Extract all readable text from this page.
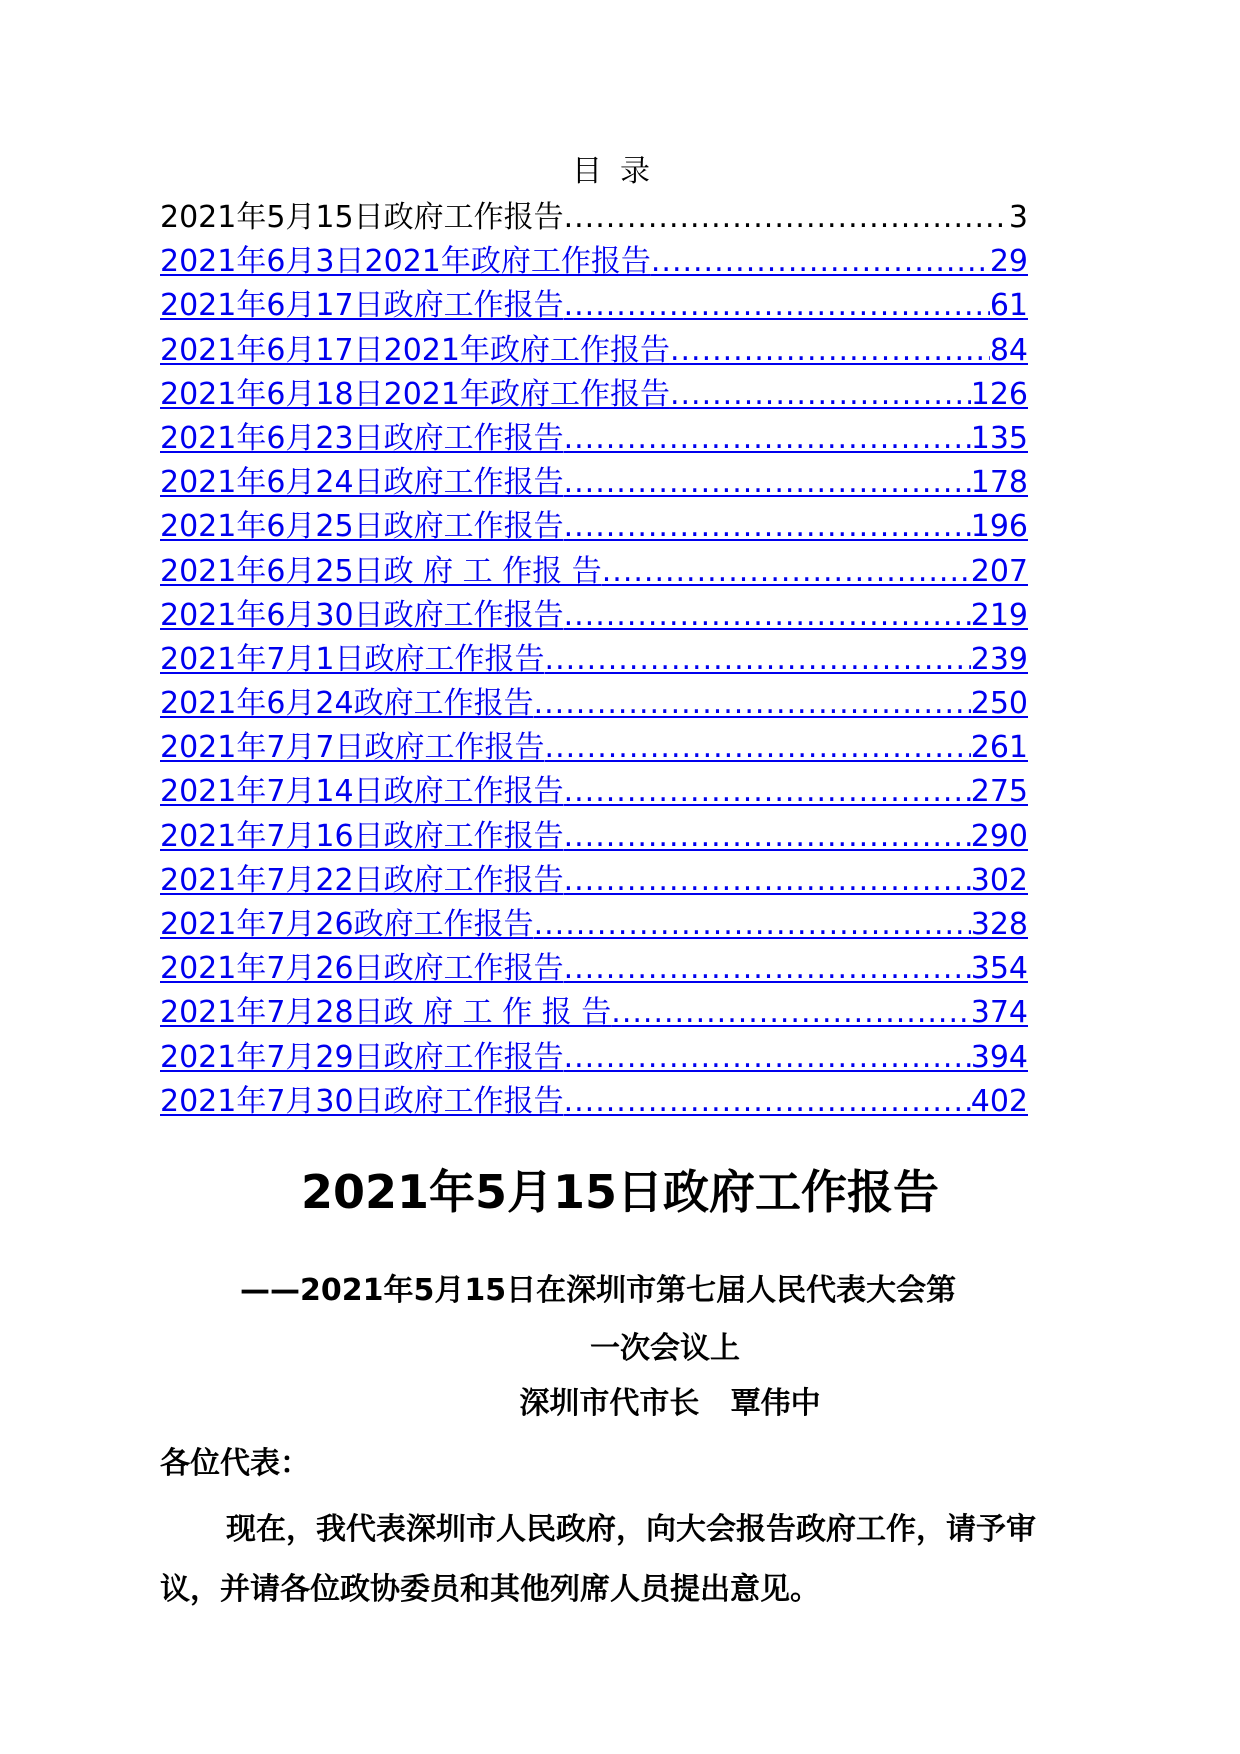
目录
2021年5月15日政府工作报告 .....	3
2021年6月3日2021年政府工作报告 .....	29
2021年6月17日政府工作报告 .....	61
2021年6月17日2021年政府工作报告 .....	84
2021年6月18日2021年政府工作报告 .....	126
2021年6月23日政府工作报告 .....	135
2021年6月24日政府工作报告 .....	178
2021年6月25日政府工作报告 .....	196
2021年6月25日政 府 工 作报 告 .....	207
2021年6月30日政府工作报告 .....	219
2021年7月1日政府工作报告 .....	239
2021年6月24政府工作报告 .....	250
2021年7月7日政府工作报告 .....	261
2021年7月14日政府工作报告 .....	275
2021年7月16日政府工作报告 .....	290
2021年7月22日政府工作报告 .....	302
2021年7月26政府工作报告 .....	328
2021年7月26日政府工作报告 .....	354
2021年7月28日政 府 工 作 报 告 .....	374
2021年7月29日政府工作报告 .....	394
2021年7月30日政府工作报告 .....	402
2021年5月15日政府工作报告
——2021年5月15日在深圳市第七届人民代表大会第
一次会议上
深圳市代市长   覃伟中
各位代表：

现在，我代表深圳市人民政府，向大会报告政府工作，请予审议，并请各位政协委员和其他列席人员提出意见。
